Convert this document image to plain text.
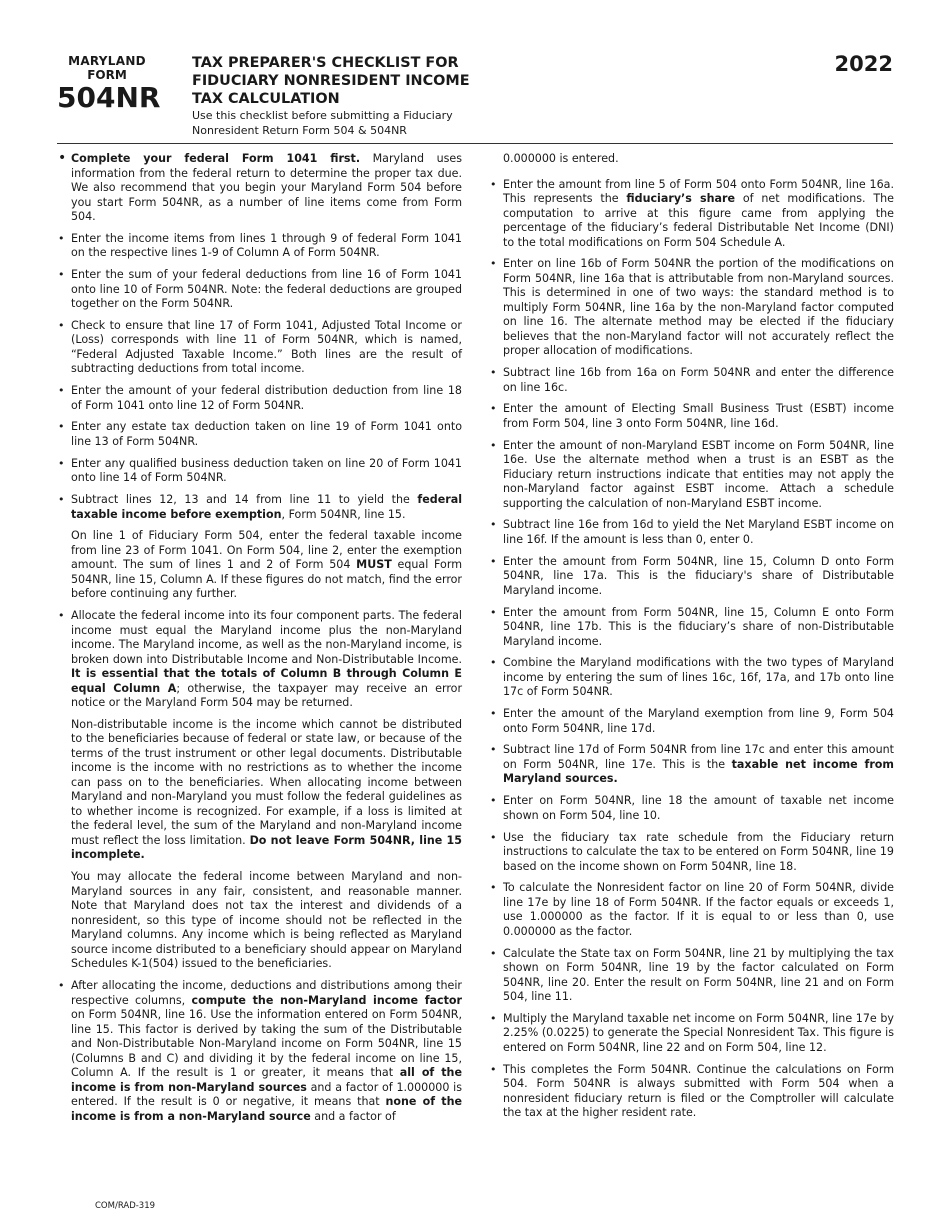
MARYLAND
FORM
504NR
TAX PREPARER'S CHECKLIST FOR
FIDUCIARY NONRESIDENT INCOME
TAX CALCULATION
Use this checklist before submitting a Fiduciary
Nonresident Return Form 504 & 504NR
2022
• Complete your federal Form 1041 first. Maryland uses information from the federal return to determine the proper tax due. We also recommend that you begin your Maryland Form 504 before you start Form 504NR, as a number of line items come from Form 504.
• Enter the income items from lines 1 through 9 of federal Form 1041 on the respective lines 1-9 of Column A of Form 504NR.
• Enter the sum of your federal deductions from line 16 of Form 1041 onto line 10 of Form 504NR. Note: the federal deductions are grouped together on the Form 504NR.
• Check to ensure that line 17 of Form 1041, Adjusted Total Income or (Loss) corresponds with line 11 of Form 504NR, which is named, “Federal Adjusted Taxable Income.” Both lines are the result of subtracting deductions from total income.
• Enter the amount of your federal distribution deduction from line 18 of Form 1041 onto line 12 of Form 504NR.
• Enter any estate tax deduction taken on line 19 of Form 1041 onto line 13 of Form 504NR.
• Enter any qualified business deduction taken on line 20 of Form 1041 onto line 14 of Form 504NR.
• Subtract lines 12, 13 and 14 from line 11 to yield the federal taxable income before exemption, Form 504NR, line 15.

On line 1 of Fiduciary Form 504, enter the federal taxable income from line 23 of Form 1041. On Form 504, line 2, enter the exemption amount. The sum of lines 1 and 2 of Form 504 MUST equal Form 504NR, line 15, Column A. If these figures do not match, find the error before continuing any further.

• Allocate the federal income into its four component parts. The federal income must equal the Maryland income plus the non-Maryland income. The Maryland income, as well as the non-Maryland income, is broken down into Distributable Income and Non-Distributable Income. It is essential that the totals of Column B through Column E equal Column A; otherwise, the taxpayer may receive an error notice or the Maryland Form 504 may be returned.

Non-distributable income is the income which cannot be distributed to the beneficiaries because of federal or state law, or because of the terms of the trust instrument or other legal documents. Distributable income is the income with no restrictions as to whether the income can pass on to the beneficiaries. When allocating income between Maryland and non-Maryland you must follow the federal guidelines as to whether income is recognized. For example, if a loss is limited at the federal level, the sum of the Maryland and non-Maryland income must reflect the loss limitation. Do not leave Form 504NR, line 15 incomplete.

You may allocate the federal income between Maryland and non-Maryland sources in any fair, consistent, and reasonable manner. Note that Maryland does not tax the interest and dividends of a nonresident, so this type of income should not be reflected in the Maryland columns. Any income which is being reflected as Maryland source income distributed to a beneficiary should appear on Maryland Schedules K-1(504) issued to the beneficiaries.

• After allocating the income, deductions and distributions among their respective columns, compute the non-Maryland income factor on Form 504NR, line 16. Use the information entered on Form 504NR, line 15. This factor is derived by taking the sum of the Distributable and Non-Distributable Non-Maryland income on Form 504NR, line 15 (Columns B and C) and dividing it by the federal income on line 15, Column A. If the result is 1 or greater, it means that all of the income is from non-Maryland sources and a factor of 1.000000 is entered. If the result is 0 or negative, it means that none of the income is from a non-Maryland source and a factor of
0.000000 is entered.
• Enter the amount from line 5 of Form 504 onto Form 504NR, line 16a. This represents the fiduciary’s share of net modifications. The computation to arrive at this figure came from applying the percentage of the fiduciary’s federal Distributable Net Income (DNI) to the total modifications on Form 504 Schedule A.
• Enter on line 16b of Form 504NR the portion of the modifications on Form 504NR, line 16a that is attributable from non-Maryland sources. This is determined in one of two ways: the standard method is to multiply Form 504NR, line 16a by the non-Maryland factor computed on line 16. The alternate method may be elected if the fiduciary believes that the non-Maryland factor will not accurately reflect the proper allocation of modifications.
• Subtract line 16b from 16a on Form 504NR and enter the difference on line 16c.
• Enter the amount of Electing Small Business Trust (ESBT) income from Form 504, line 3 onto Form 504NR, line 16d.
• Enter the amount of non-Maryland ESBT income on Form 504NR, line 16e. Use the alternate method when a trust is an ESBT as the Fiduciary return instructions indicate that entities may not apply the non-Maryland factor against ESBT income. Attach a schedule supporting the calculation of non-Maryland ESBT income.
• Subtract line 16e from 16d to yield the Net Maryland ESBT income on line 16f. If the amount is less than 0, enter 0.
• Enter the amount from Form 504NR, line 15, Column D onto Form 504NR, line 17a. This is the fiduciary's share of Distributable Maryland income.
• Enter the amount from Form 504NR, line 15, Column E onto Form 504NR, line 17b. This is the fiduciary’s share of non-Distributable Maryland income.
• Combine the Maryland modifications with the two types of Maryland income by entering the sum of lines 16c, 16f, 17a, and 17b onto line 17c of Form 504NR.
• Enter the amount of the Maryland exemption from line 9, Form 504 onto Form 504NR, line 17d.
• Subtract line 17d of Form 504NR from line 17c and enter this amount on Form 504NR, line 17e. This is the taxable net income from Maryland sources.
• Enter on Form 504NR, line 18 the amount of taxable net income shown on Form 504, line 10.
• Use the fiduciary tax rate schedule from the Fiduciary return instructions to calculate the tax to be entered on Form 504NR, line 19 based on the income shown on Form 504NR, line 18.
• To calculate the Nonresident factor on line 20 of Form 504NR, divide line 17e by line 18 of Form 504NR. If the factor equals or exceeds 1, use 1.000000 as the factor. If it is equal to or less than 0, use 0.000000 as the factor.
• Calculate the State tax on Form 504NR, line 21 by multiplying the tax shown on Form 504NR, line 19 by the factor calculated on Form 504NR, line 20. Enter the result on Form 504NR, line 21 and on Form 504, line 11.
• Multiply the Maryland taxable net income on Form 504NR, line 17e by 2.25% (0.0225) to generate the Special Nonresident Tax. This figure is entered on Form 504NR, line 22 and on Form 504, line 12.
• This completes the Form 504NR. Continue the calculations on Form 504. Form 504NR is always submitted with Form 504 when a nonresident fiduciary return is filed or the Comptroller will calculate the tax at the higher resident rate.
COM/RAD-319
